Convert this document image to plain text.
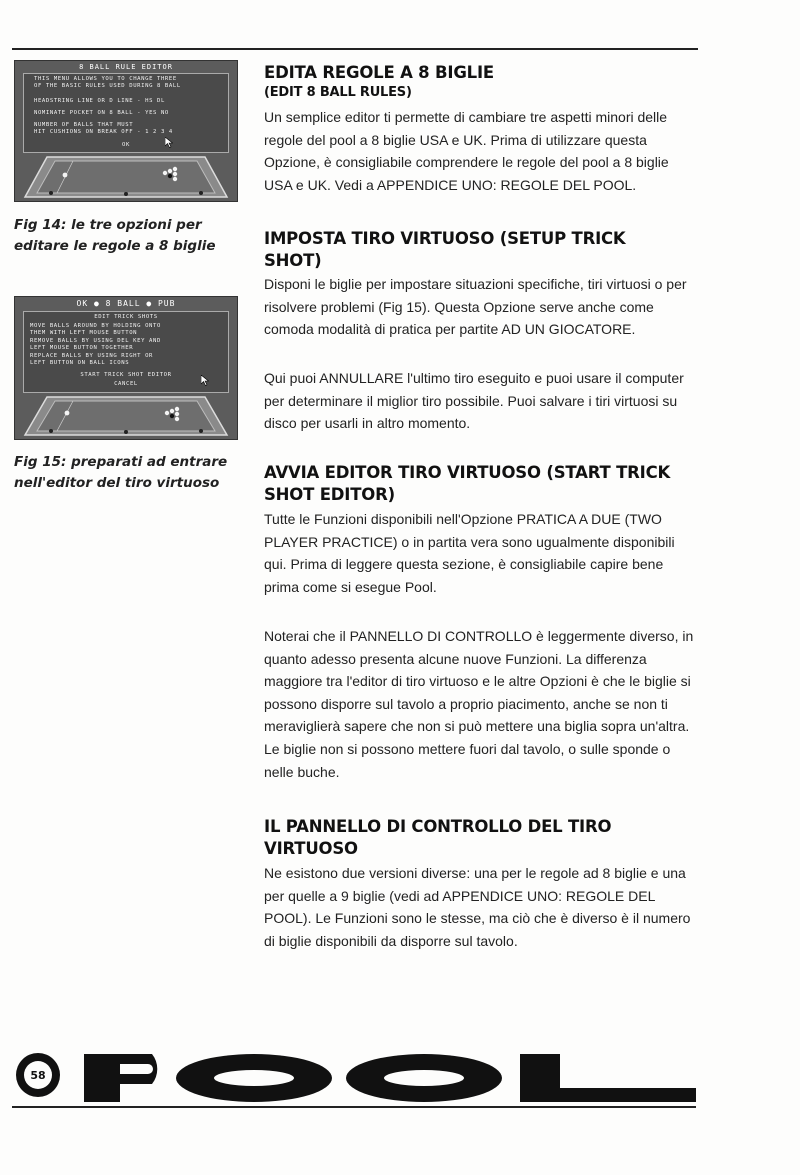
8 BALL RULE EDITOR
THIS MENU ALLOWS YOU TO CHANGE THREE
OF THE BASIC RULES USED DURING 8 BALL
HEADSTRING LINE OR D LINE - HS DL
NOMINATE POCKET ON 8 BALL - YES NO
NUMBER OF BALLS THAT MUST
HIT CUSHIONS ON BREAK OFF - 1 2 3 4
OK
Fig 14: le tre opzioni per editare le regole a 8 biglie
OK ● 8 BALL ● PUB
EDIT TRICK SHOTS
MOVE BALLS AROUND BY HOLDING ONTO
THEM WITH LEFT MOUSE BUTTON
REMOVE BALLS BY USING DEL KEY AND
LEFT MOUSE BUTTON TOGETHER
REPLACE BALLS BY USING RIGHT OR
LEFT BUTTON ON BALL ICONS
START TRICK SHOT EDITOR
CANCEL
Fig 15: preparati ad entrare nell'editor del tiro virtuoso
EDITA REGOLE A 8 BIGLIE
(EDIT 8 BALL RULES)

Un semplice editor ti permette di cambiare tre aspetti minori delle regole del pool a 8 biglie USA e UK. Prima di utilizzare questa Opzione, è consigliabile comprendere le regole del pool a 8 biglie USA e UK. Vedi a APPENDICE UNO: REGOLE DEL POOL.

IMPOSTA TIRO VIRTUOSO (SETUP TRICK SHOT)

Disponi le biglie per impostare situazioni specifiche, tiri virtuosi o per risolvere problemi (Fig 15). Questa Opzione serve anche come comoda modalità di pratica per partite AD UN GIOCATORE.

Qui puoi ANNULLARE l'ultimo tiro eseguito e puoi usare il computer per determinare il miglior tiro possibile. Puoi salvare i tiri virtuosi su disco per usarli in altro momento.

AVVIA EDITOR TIRO VIRTUOSO (START TRICK SHOT EDITOR)

Tutte le Funzioni disponibili nell'Opzione PRATICA A DUE (TWO PLAYER PRACTICE) o in partita vera sono ugualmente disponibili qui. Prima di leggere questa sezione, è consigliabile capire bene prima come si esegue Pool.

Noterai che il PANNELLO DI CONTROLLO è leggermente diverso, in quanto adesso presenta alcune nuove Funzioni. La differenza maggiore tra l'editor di tiro virtuoso e le altre Opzioni è che le biglie si possono disporre sul tavolo a proprio piacimento, anche se non ti meraviglierà sapere che non si può mettere una biglia sopra un'altra. Le biglie non si possono mettere fuori dal tavolo, o sulle sponde o nelle buche.

IL PANNELLO DI CONTROLLO DEL TIRO VIRTUOSO

Ne esistono due versioni diverse: una per le regole ad 8 biglie e una per quelle a 9 biglie (vedi ad APPENDICE UNO: REGOLE DEL POOL). Le Funzioni sono le stesse, ma ciò che è diverso è il numero di biglie disponibili da disporre sul tavolo.

58
